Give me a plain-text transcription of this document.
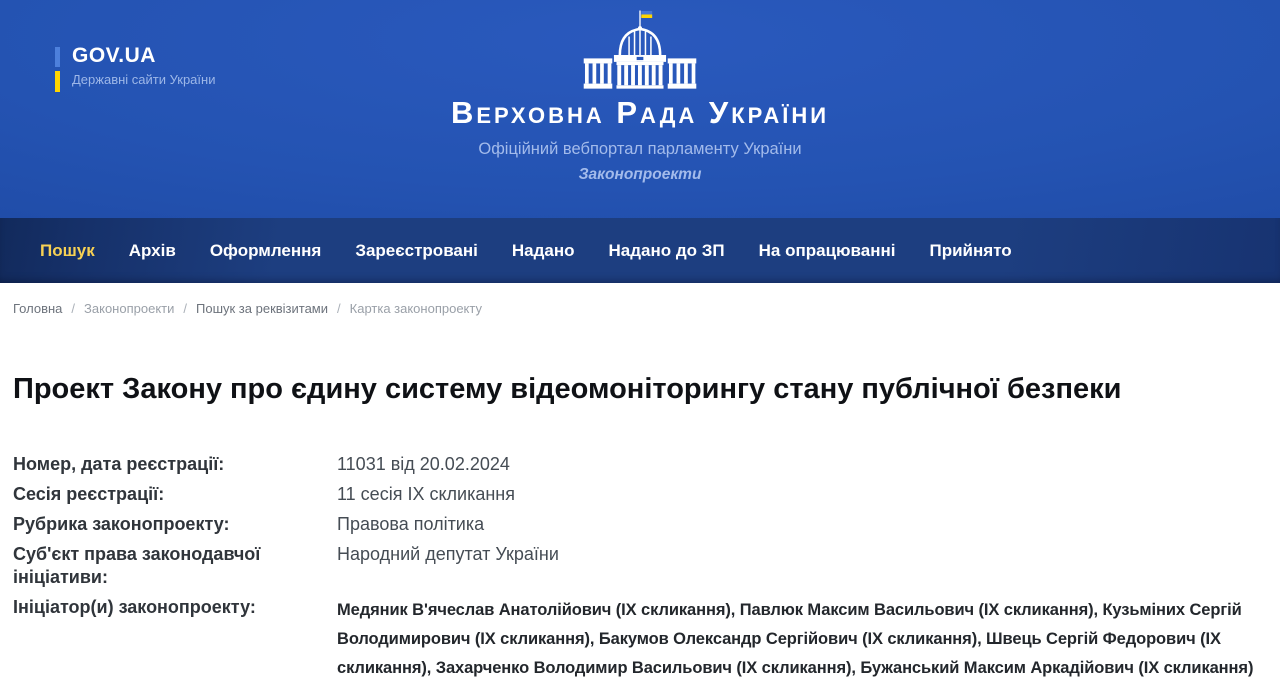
GOV.UA
Державні сайти України
Верховна Рада України
Офіційний вебпортал парламенту України
Законопроекти
Пошук Архів Оформлення Зареєстровані Надано Надано до ЗП На опрацюванні Прийнято
Головна / Законопроекти / Пошук за реквізитами / Картка законопроекту
Проект Закону про єдину систему відеомоніторингу стану публічної безпеки
Номер, дата реєстрації:	11031 від 20.02.2024
Сесія реєстрації:	11 сесія IX скликання
Рубрика законопроекту:	Правова політика
Суб'єкт права законодавчої ініціативи:
Народний депутат України
Ініціатор(и) законопроекту:	Медяник В'ячеслав Анатолійович (IX скликання), Павлюк Максим Васильович (IX скликання), Кузьміних Сергій Володимирович (IX скликання), Бакумов Олександр Сергійович (IX скликання), Швець Сергій Федорович (IX скликання), Захарченко Володимир Васильович (IX скликання), Бужанський Максим Аркадійович (IX скликання)
